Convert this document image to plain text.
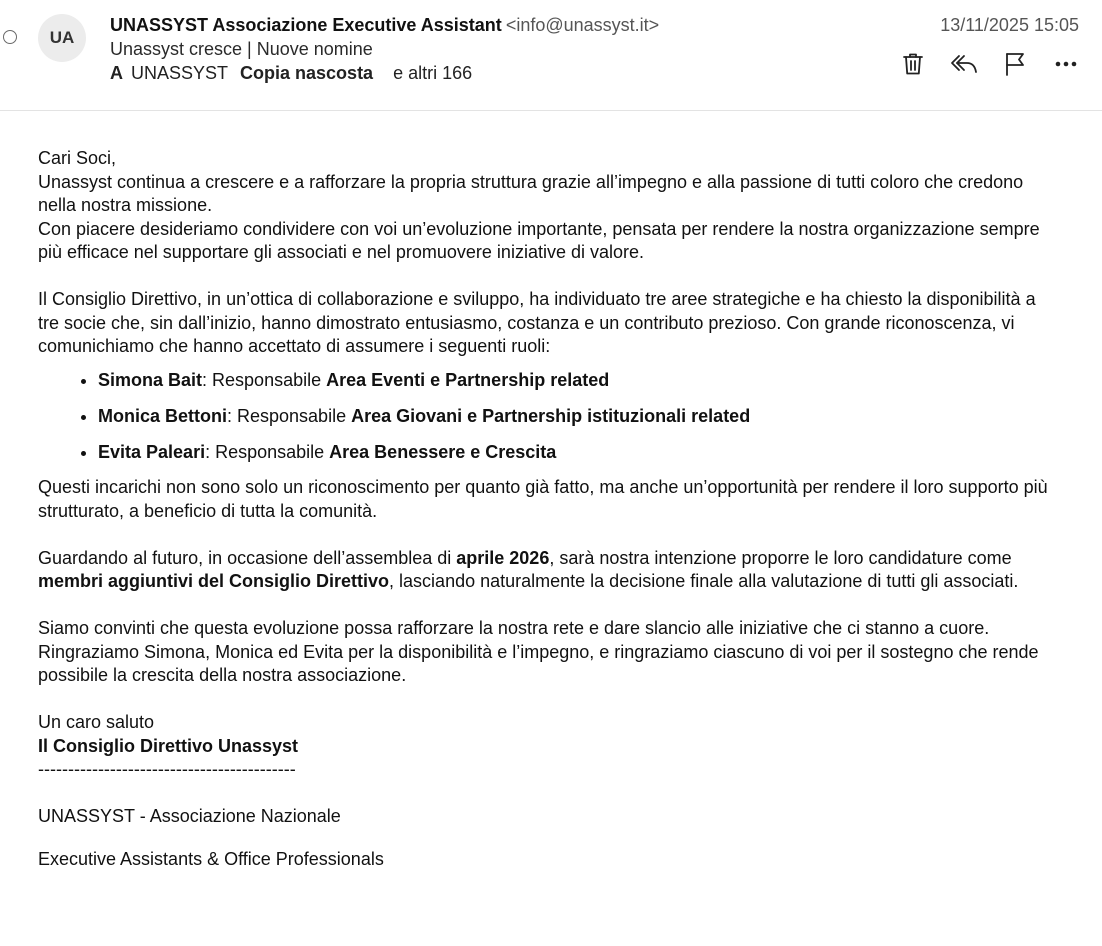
UA
UNASSYST Associazione Executive Assistant <info@unassyst.it>
Unassyst cresce | Nuove nomine
A UNASSYST Copia nascosta e altri 166
13/11/2025 15:05

Cari Soci,

Unassyst continua a crescere e a rafforzare la propria struttura grazie all’impegno e alla passione di tutti coloro che credono nella nostra missione.

Con piacere desideriamo condividere con voi un’evoluzione importante, pensata per rendere la nostra organizzazione sempre più efficace nel supportare gli associati e nel promuovere iniziative di valore.

Il Consiglio Direttivo, in un’ottica di collaborazione e sviluppo, ha individuato tre aree strategiche e ha chiesto la disponibilità a tre socie che, sin dall’inizio, hanno dimostrato entusiasmo, costanza e un contributo prezioso. Con grande riconoscenza, vi comunichiamo che hanno accettato di assumere i seguenti ruoli:

• Simona Bait: Responsabile Area Eventi e Partnership related
• Monica Bettoni: Responsabile Area Giovani e Partnership istituzionali related
• Evita Paleari: Responsabile Area Benessere e Crescita

Questi incarichi non sono solo un riconoscimento per quanto già fatto, ma anche un’opportunità per rendere il loro supporto più strutturato, a beneficio di tutta la comunità.

Guardando al futuro, in occasione dell’assemblea di aprile 2026, sarà nostra intenzione proporre le loro candidature come membri aggiuntivi del Consiglio Direttivo, lasciando naturalmente la decisione finale alla valutazione di tutti gli associati.

Siamo convinti che questa evoluzione possa rafforzare la nostra rete e dare slancio alle iniziative che ci stanno a cuore.

Ringraziamo Simona, Monica ed Evita per la disponibilità e l’impegno, e ringraziamo ciascuno di voi per il sostegno che rende possibile la crescita della nostra associazione.

Un caro saluto

Il Consiglio Direttivo Unassyst

-------------------------------------------

UNASSYST - Associazione Nazionale

Executive Assistants & Office Professionals
